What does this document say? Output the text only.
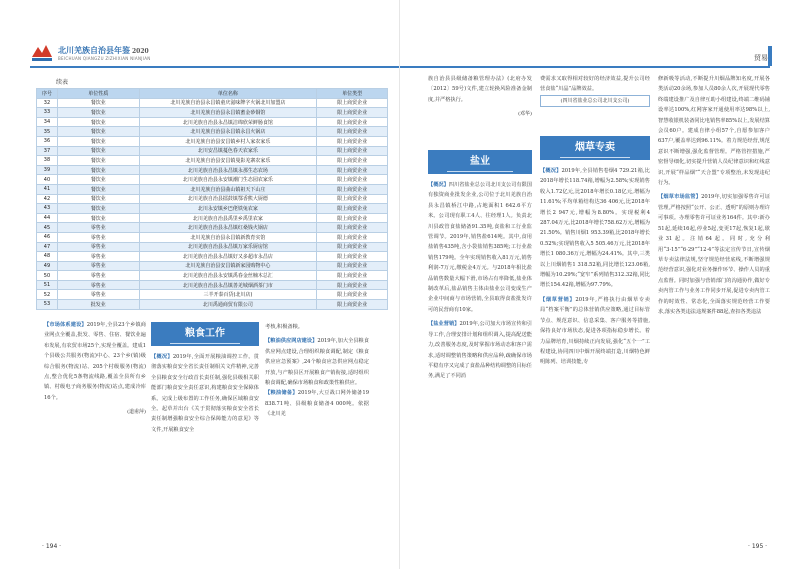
北川羌族自治县年鉴 2020
BEICHUAN QIANGZU ZIZHIXIAN NIANJIAN
续表
序号	单位性质	单位名称	单位类型
32	餐饮业	北川羌族自治县永昌镇童庆滋味牌字火锅北川加盟店	限上商贸企业
33	餐饮业	北川羌族自治县永昌镇蜜金砂铜馆	限上商贸企业
34	餐饮业	北川羌族自治县永昌镇洁绵欣荣鲜肠食馆	限上商贸企业
35	餐饮业	北川羌族自治县永昌镇永昌火锅店	限上商贸企业
36	餐饮业	北川羌族自治县安昌镇乡村人家农家乐	限上商贸企业
37	餐饮业	北川安昌镇蔓色春天农家乐	限上商贸企业
38	餐饮业	北川羌族自治县安昌镇曼影羌寨农家乐	限上商贸企业
39	餐饮业	北川羌族自治县永昌镇永那生态农场	限上商贸企业
40	餐饮业	北川羌族自治县永安镇潮门生态园农家乐	限上商贸企业
41	餐饮业	北川羌族自治县曲山镇祖天下山庄	限上商贸企业
42	餐饮业	北川羌族自治县擂鼓镇鄂香熊大厨德	限上商贸企业
43	餐饮业	北川永安镇乡巴佬铁兔农家	限上商贸企业
44	餐饮业	北川羌族自治县禹里乡禹里农家	限上商贸企业
45	零售业	北川羌族自治县永昌镇红桑钱火锅店	限上商贸企业
46	零售业	北川羌族自治县永昌镇新教育实馆	限上商贸企业
47	零售业	北川羌族自治县永昌镇万家乐厨房馆	限上商贸企业
48	零售业	北川羌族自治县永昌镇好又多超市永昌店	限上商贸企业
49	零售业	北川羌族自治县安昌镇新家园购物中心	限上商贸企业
50	零售业	北川羌族自治县永安镇禹春金丝楠木总汇	限上商贸企业
51	零售业	北川羌族自治县永昌镇善羌城烟酒茶门市	限上商贸企业
52	零售业	三羊开泰百货(北川店)	限上商贸企业
53	批发业	北川禹通商贸有限公司	限上商贸企业

【市场体系建设】2019年,全县23个乡镇商业网点全覆盖,批发、零售、住宿、餐饮业遍布发展,有农贸市场25个,实现全覆盖。建成1个县级公共服务(物流)中心、23个乡(镇)级综合服务(物流)站、205个村级服务(物流)点,整合优化5条物流线路,覆盖全县所有乡镇、村级电子商务服务(物流)站点,建成冷库16个。

(道甫萍)
粮食工作

【概况】2019年,全面开展粮油调控工作。贯彻落实粮食安全省长责任制相关文件精神,完善全县粮食安全行政首长责任制,强化县级相关职能部门粮食安全责任意识,构建粮食安全保障体系。完成上级布置的工作任务,确保区域粮食安全。起草并出台《关于贯彻落实粮食安全省长责任制增强粮食安全综合保障能力的意见》等文件,开展粮食安全

考核,积极备粮。

【粮油供应网店建设】2019年,加大全县粮食供应网点建设,合理组织粮食调配,制定《粮食供应应急预案》,24个粮食应急供应网点稳定开放,与产粮县区开展粮食产销衔接,适时组织粮食调配,确保市场粮食和政策性粮供应。

【粮油储备】2019年,大豆战口网外储备19 838.71吨、县级粮食储备4 000吨。依据《北川羌

· 194 ·
贸易

族自治县县级储备粮管理办法》(北府办发〔2012〕59号)文件,建立轮换风险准备金制度,并严格执行。

(邓华)
盐业

【概况】四川省盐业总公司北川支公司有限国有独资商业批发企业,公司位于北川羌族自治县永昌镇桥江中路,占地面积1 642.6平方米。公司现有职工4人、往经理1人。负责北川县政管食盐储备91.35吨,食盐和工行业监管调节。2019年,销售盐614吨。其中,食用盐销售435吨,含小袋盐销售385吨;工行业盐销售179吨。全年实现销售收入81万元,销售利润-7万元,缴税金4万元。与2018年相比盐品销售数量大幅下滑,市场占有率降低,盐业体制改革后,盐品销售主体由盐业公司变成生产企业中间商与市场营销,全县取得食盐批发许可的民营商有10家。

【盐业营销】2019年,公司加大市场宣传和引导工作,合理安排计划和组织调入,提高配送能力,改善服务态度,及时掌握市场动态和客户需求,适时调整销售策略和供应品种,疏确保市场平稳有序又完成了食盐品种结构调整的目标任务,满足了不同消

费需求又取得相对较好的经济效益,提升公司经营食盐“川晶”品牌效益。

(四川省盐业总公司北川支公司)
烟草专卖

【概况】2019年,全县销售卷烟4 729.21箱,比2018年增长118.74箱,增幅为2.58%;实现销售收入1.72亿元,比2018年增长0.18亿元,增幅为11.61%;平均单箱结构达36 406元,比2018年增长2 947元,增幅为8.80%。实现税利4 287.04万元,比2018年增长758.62万元,增幅为21.50%。销售川烟1 953.39箱,比2018年增长0.52%;实现销售收入5 505.46万元,比2018年增长1 080.36万元,增幅为24.41%。其中,三类以上川烟销售1 318.52箱,同比增长123.06箱,增幅为10.29%;“宽窄”系列销售312.32箱,同比增长154.42箱,增幅为97.79%。

【烟草营销】2019年,严格执行由烟草专卖局“档案平衡”的总体营销供应策略,通过目标管节点、规范意识、信息采集、客户服务等措施,保持良好市场状态,促进各项指标稳步增长。着力品牌培育,川烟持续正向发展,强化“五个一”工程建设,协同四川中烟开展终端打造,川烟特色鲜明陈列、培训技能,专

修新吸等活动,不断提升川烟品牌知名度,开展各类活动20余场,参加人员80余人次,开展现代零售终端建设推广及自律互助小组建设,终端二维码铺设率达100%,红网客家开通使用率达98%以上,智慧收银机装备同比电销售率85%以上,发展结算会员60户。建成自律小组57个,自愿参加客户637户,覆盖率达到96.11%。着力规范经营,规范意识不断增强,强化监督管理。严格管控措施,严密督导细化,切实提升营销人员纪律意识和红线意识,开展“样品烟”“天合盟”专项整治,未发现违纪行为。

【烟草市场监管】2019年,切实加强零售许可证管理,严格按照“公开、公正、透明”的原则办理许可事项。办理零售许可证业务164件。其中:新办51起,延续16起,停业5起,变更17起,恢复1起,歇业31起。注销64起。同时,充分利用“3·15”“6·29”“12·4”等法定宣传节日,宣传烟草专卖法律法规,坚守规范经营底线,不断增强规范经营意识,强化对业务操作环节、操作人员的重点监督。同时加强与营销部门的沟通协作,做好专卖内管工作与业务工作同步开展,促进专卖内管工作的时效性、常态化,全面落实规范经营工作要求,落实各类违法违规案件88起,查扣各类违法

· 195 ·
